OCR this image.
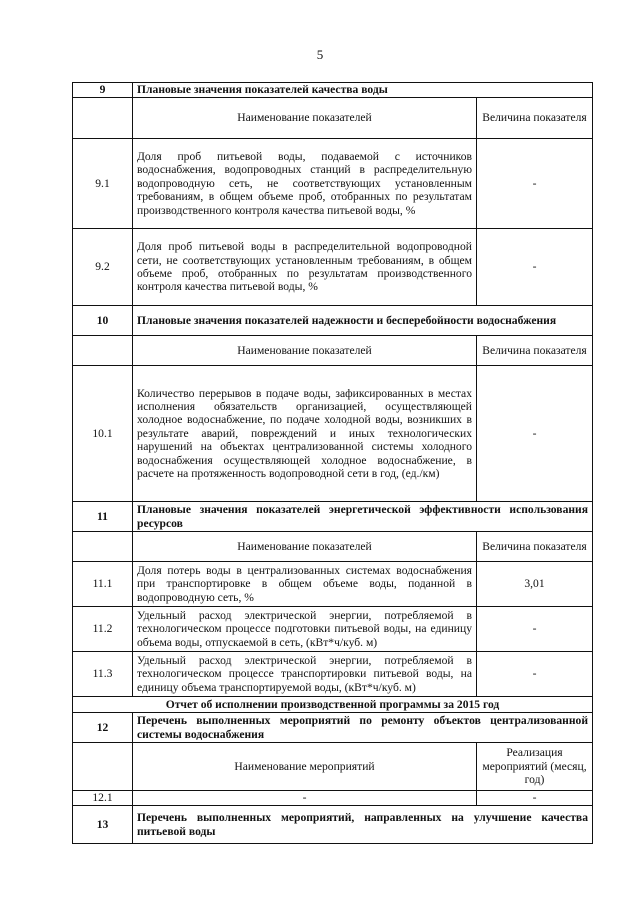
5
9	Плановые значения показателей качества воды	
	Наименование показателей	Величина показателя
9.1	Доля проб питьевой воды, подаваемой с источников водоснабжения, водопроводных станций в распределительную водопроводную сеть, не соответствующих установленным требованиям, в общем объеме проб, отобранных по результатам производственного контроля качества питьевой воды, %	-
9.2	Доля проб питьевой воды в распределительной водопроводной сети, не соответствующих установленным требованиям, в общем объеме проб, отобранных по результатам производственного контроля качества питьевой воды, %	-
10	Плановые значения показателей надежности и бесперебойности водоснабжения	
	Наименование показателей	Величина показателя
10.1	Количество перерывов в подаче воды, зафиксированных в местах исполнения обязательств организацией, осуществляющей холодное водоснабжение, по подаче холодной воды, возникших в результате аварий, повреждений и иных технологических нарушений на объектах централизованной системы холодного водоснабжения осуществляющей холодное водоснабжение, в расчете на протяженность водопроводной сети в год, (ед./км)	-
11	Плановые значения показателей энергетической эффективности использования ресурсов	
	Наименование показателей	Величина показателя
11.1	Доля потерь воды в централизованных системах водоснабжения при транспортировке в общем объеме воды, поданной в водопроводную сеть, %	3,01
11.2	Удельный расход электрической энергии, потребляемой в технологическом процессе подготовки питьевой воды, на единицу объема воды, отпускаемой в сеть, (кВт*ч/куб. м)	-
11.3	Удельный расход электрической энергии, потребляемой в технологическом процессе транспортировки питьевой воды, на единицу объема транспортируемой воды, (кВт*ч/куб. м)	-
Отчет об исполнении производственной программы за 2015 год		
12	Перечень выполненных мероприятий по ремонту объектов централизованной системы водоснабжения	
	Наименование мероприятий	Реализация мероприятий (месяц, год)
12.1	-	-
13	Перечень выполненных мероприятий, направленных на улучшение качества питьевой воды	
